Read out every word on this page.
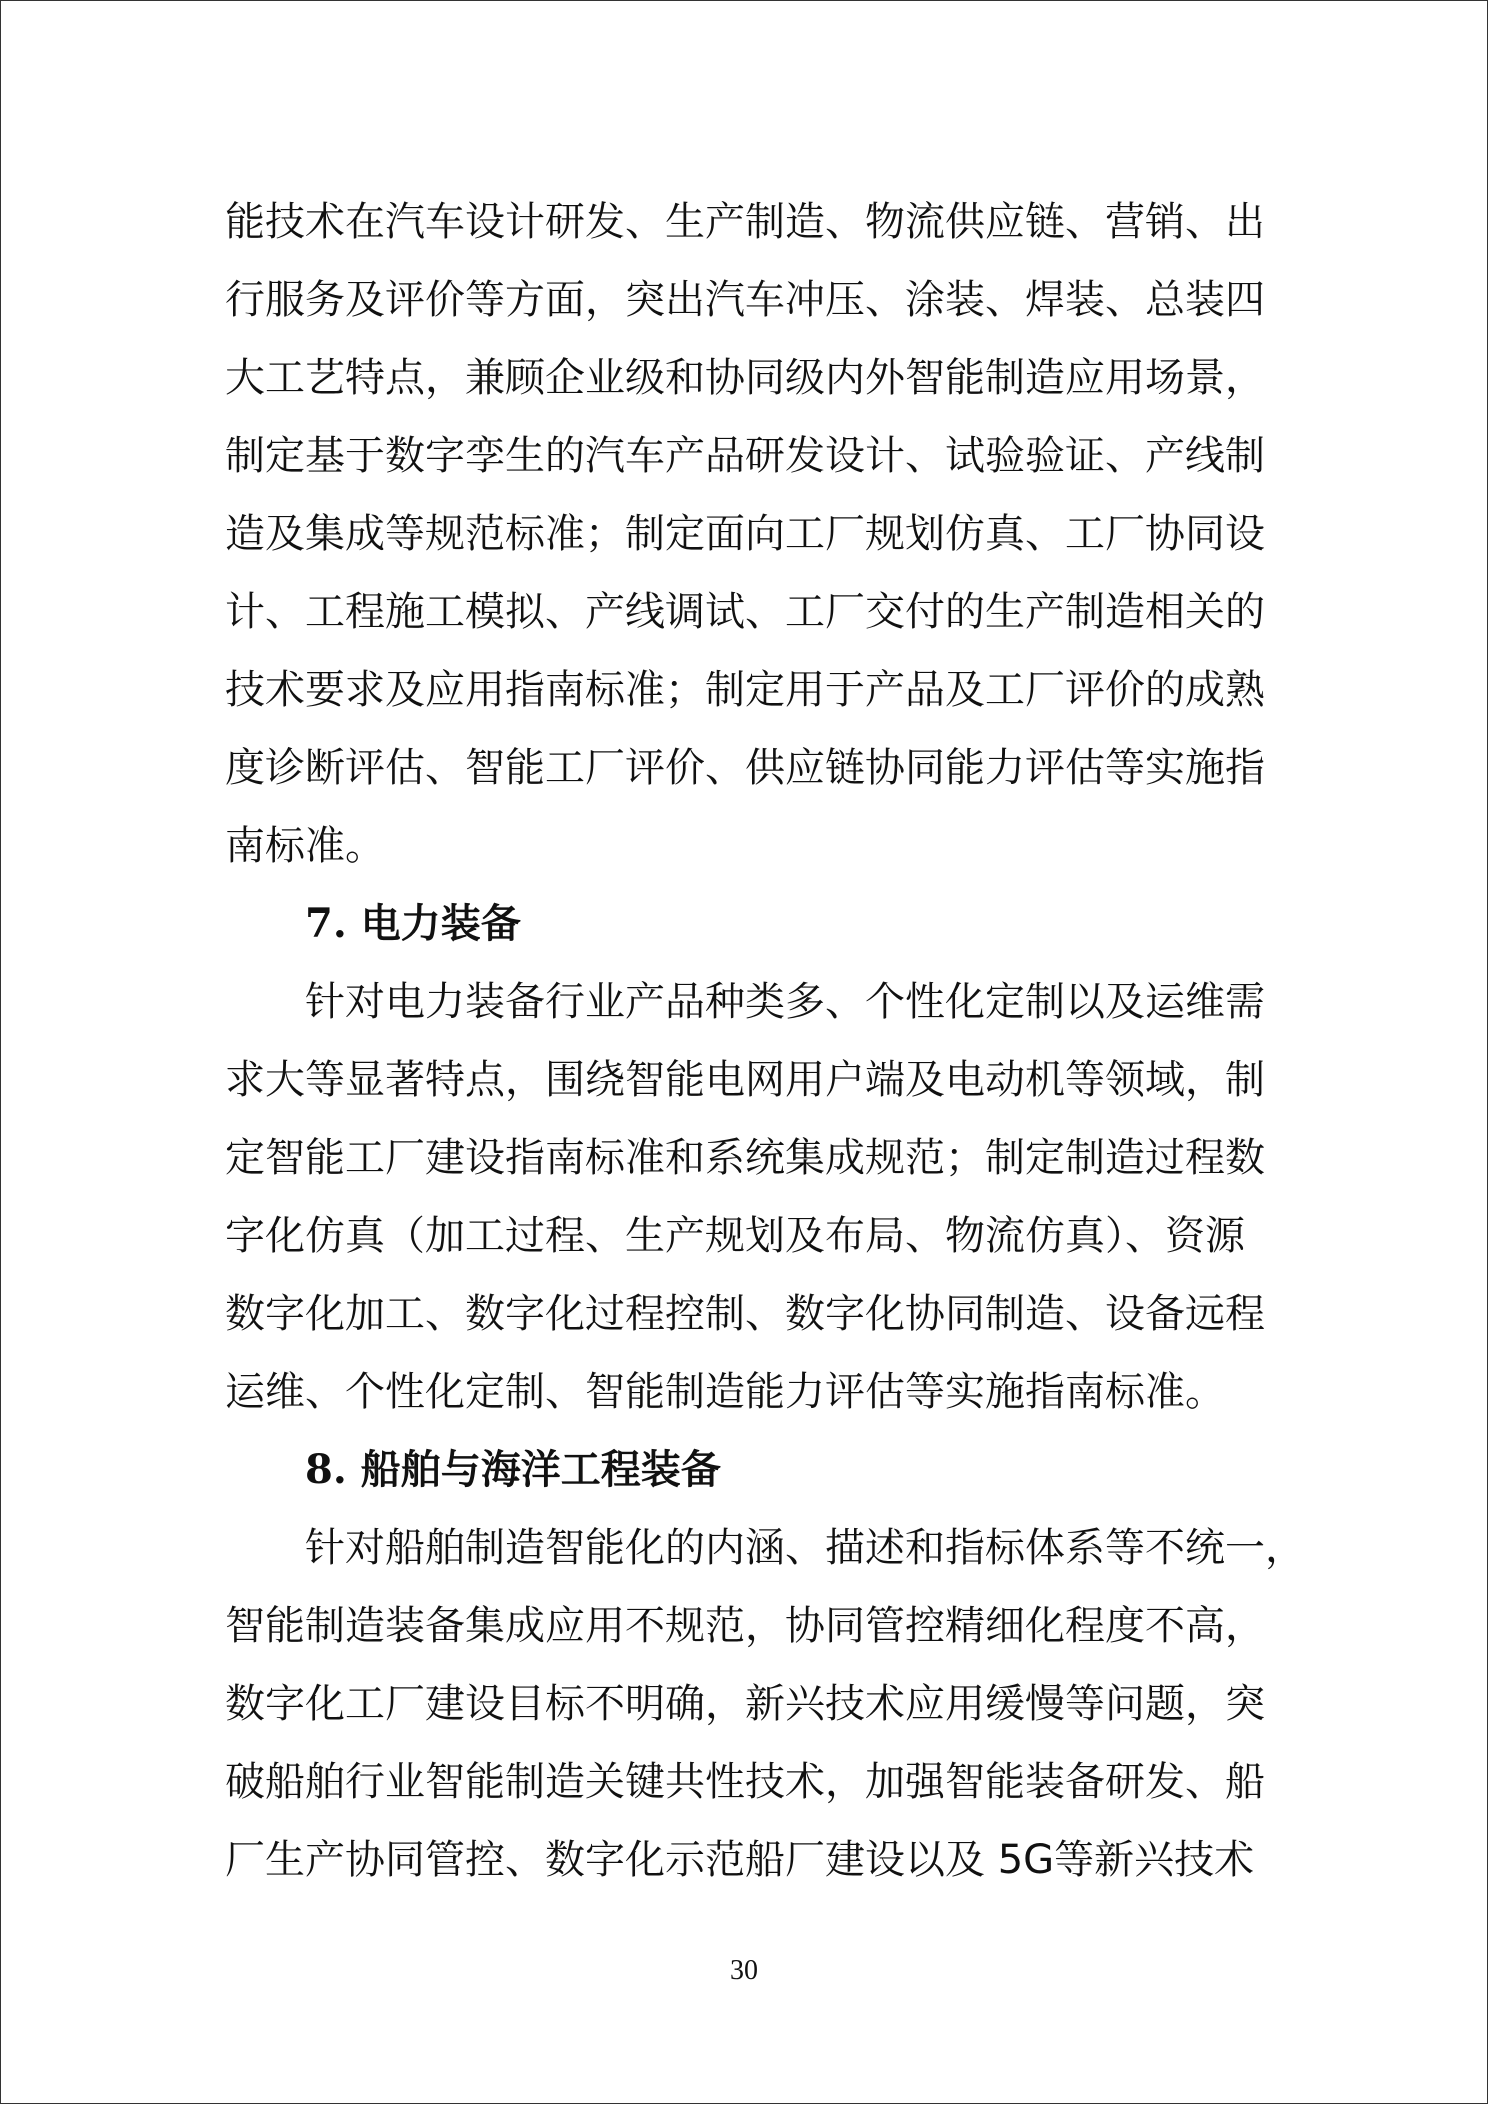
能技术在汽车设计研发、生产制造、物流供应链、营销、出

行服务及评价等方面，突出汽车冲压、涂装、焊装、总装四

大工艺特点，兼顾企业级和协同级内外智能制造应用场景，

制定基于数字孪生的汽车产品研发设计、试验验证、产线制

造及集成等规范标准；制定面向工厂规划仿真、工厂协同设

计、工程施工模拟、产线调试、工厂交付的生产制造相关的

技术要求及应用指南标准；制定用于产品及工厂评价的成熟

度诊断评估、智能工厂评价、供应链协同能力评估等实施指

南标准。

7. 电力装备

针对电力装备行业产品种类多、个性化定制以及运维需

求大等显著特点，围绕智能电网用户端及电动机等领域，制

定智能工厂建设指南标准和系统集成规范；制定制造过程数

字化仿真（加工过程、生产规划及布局、物流仿真）、资源

数字化加工、数字化过程控制、数字化协同制造、设备远程

运维、个性化定制、智能制造能力评估等实施指南标准。

8. 船舶与海洋工程装备

针对船舶制造智能化的内涵、描述和指标体系等不统一，

智能制造装备集成应用不规范，协同管控精细化程度不高，

数字化工厂建设目标不明确，新兴技术应用缓慢等问题，突

破船舶行业智能制造关键共性技术，加强智能装备研发、船

厂生产协同管控、数字化示范船厂建设以及 5G等新兴技术

30
